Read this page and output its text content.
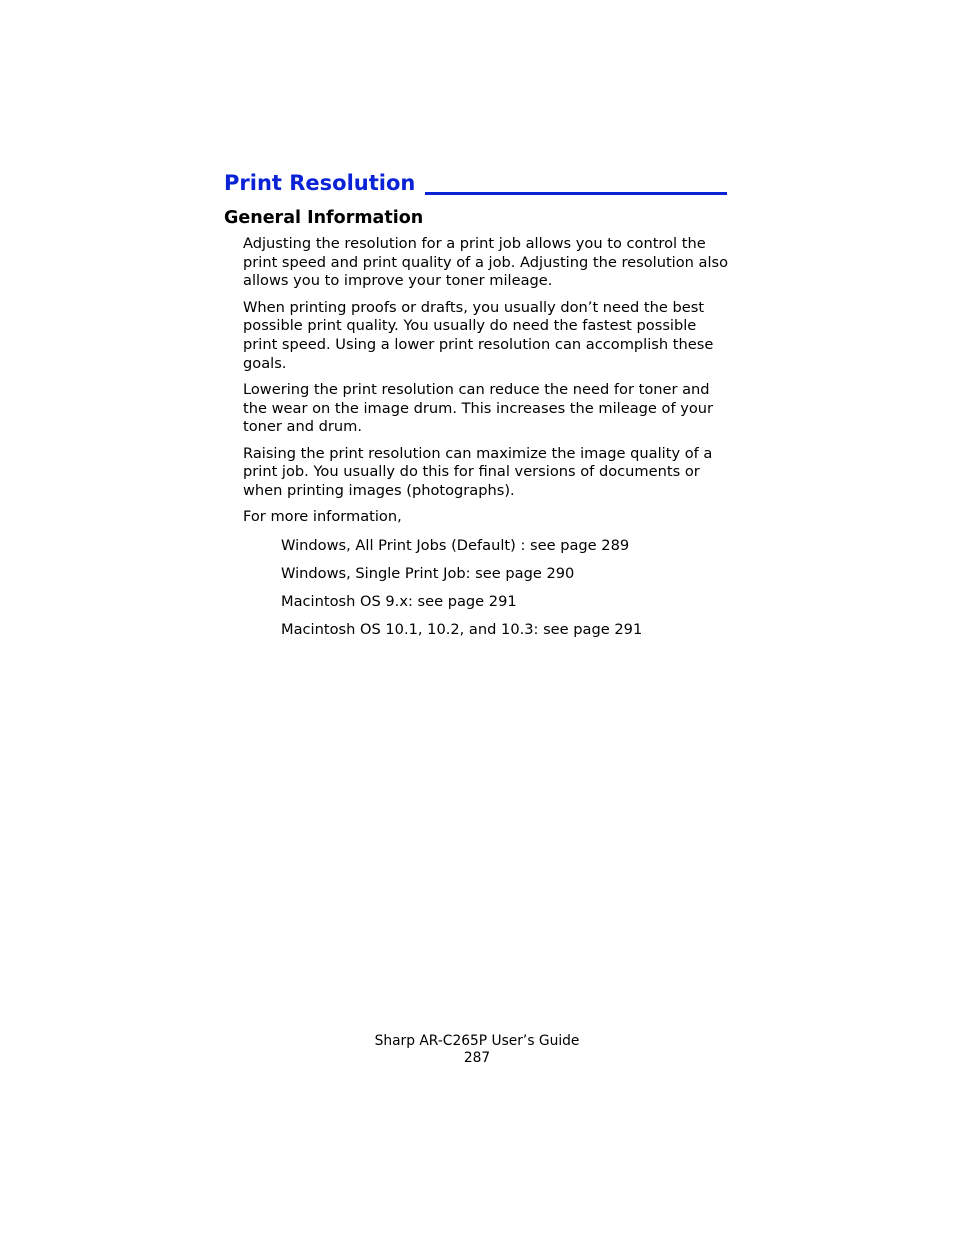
Print Resolution
General Information

Adjusting the resolution for a print job allows you to control the print speed and print quality of a job. Adjusting the resolution also allows you to improve your toner mileage.

When printing proofs or drafts, you usually don’t need the best possible print quality. You usually do need the fastest possible print speed. Using a lower print resolution can accomplish these goals.

Lowering the print resolution can reduce the need for toner and the wear on the image drum. This increases the mileage of your toner and drum.

Raising the print resolution can maximize the image quality of a print job. You usually do this for final versions of documents or when printing images (photographs).

For more information,

Windows, All Print Jobs (Default) : see page 289
Windows, Single Print Job: see page 290
Macintosh OS 9.x: see page 291
Macintosh OS 10.1, 10.2, and 10.3: see page 291
Sharp AR-C265P User’s Guide
287
